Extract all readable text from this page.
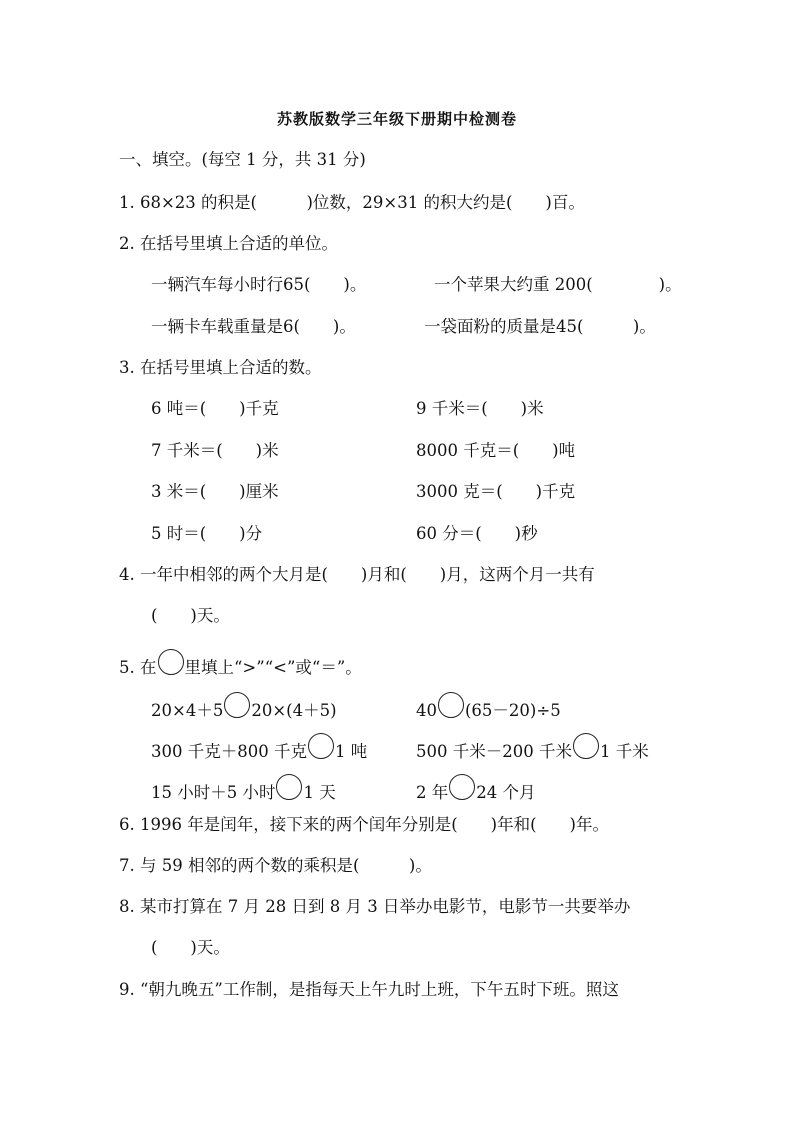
苏教版数学三年级下册期中检测卷
一、填空。(每空 1 分，共 31 分)
1. 68×23 的积是(　　　)位数，29×31 的积大约是(　　)百。
2. 在括号里填上合适的单位。
一辆汽车每小时行65(　　)。	一个苹果大约重 200(　　　　)。
一辆卡车载重量是6(　　)。	一袋面粉的质量是45(　　　)。
3. 在括号里填上合适的数。
6 吨＝(　　)千克	9 千米＝(　　)米
7 千米＝(　　)米	8000 千克＝(　　)吨
3 米＝(　　)厘米	3000 克＝(　　)千克
5 时＝(　　)分	60 分＝(　　)秒
4. 一年中相邻的两个大月是(　　)月和(　　)月，这两个月一共有
(　　)天。
5. 在 里填上“>”“<”或“＝”。
20×4＋5 20×(4＋5)	40 (65－20)÷5
300 千克＋800 千克 1 吨	500 千米－200 千米 1 千米
15 小时＋5 小时 1 天	2 年 24 个月
6. 1996 年是闰年，接下来的两个闰年分别是(　　)年和(　　)年。
7. 与 59 相邻的两个数的乘积是(　　　)。
8. 某市打算在 7 月 28 日到 8 月 3 日举办电影节，电影节一共要举办
(　　)天。
9. “朝九晚五”工作制，是指每天上午九时上班，下午五时下班。照这
